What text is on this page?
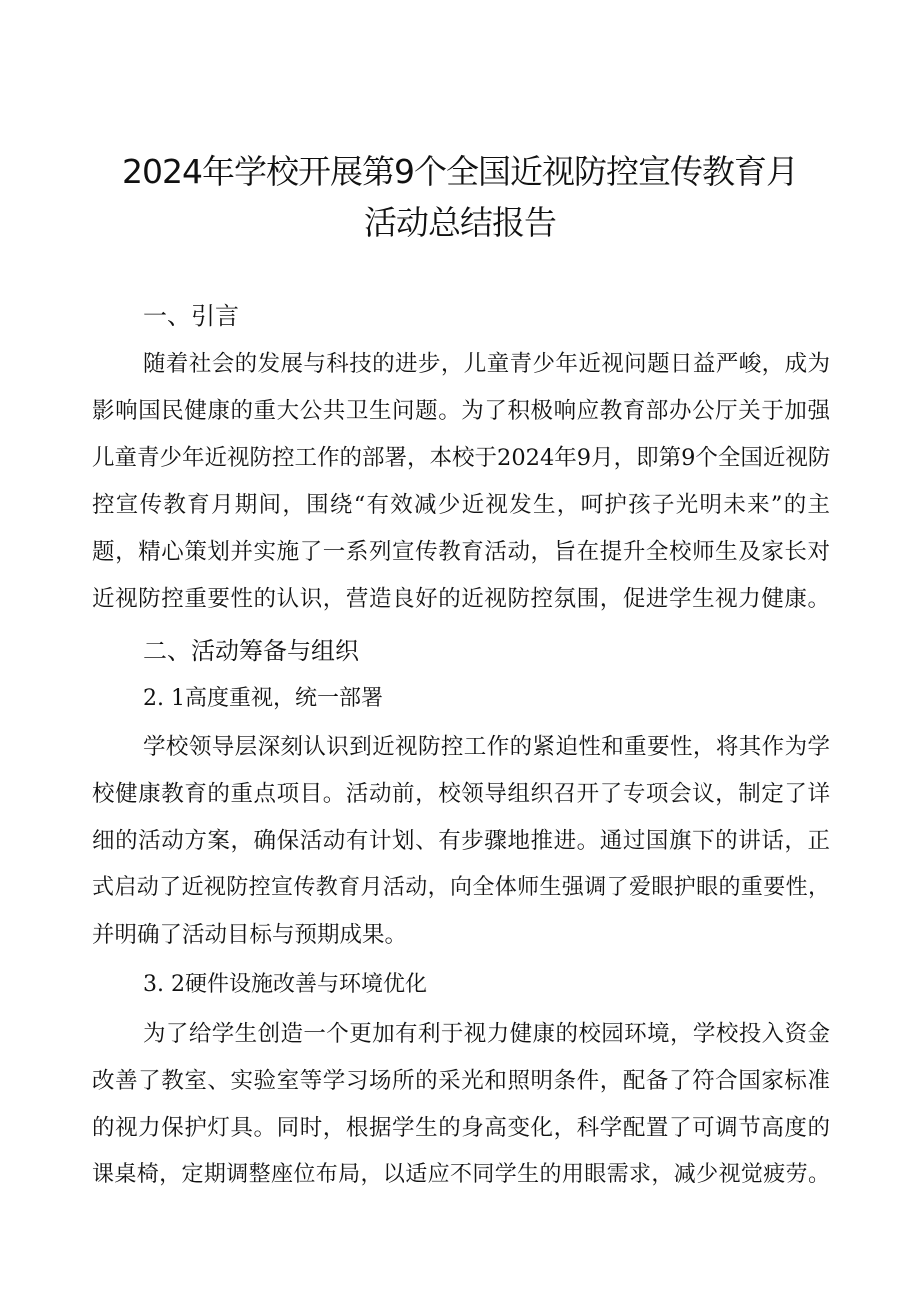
2024年学校开展第9个全国近视防控宣传教育月
活动总结报告
一、引言
随着社会的发展与科技的进步，儿童青少年近视问题日益严峻，成为
影响国民健康的重大公共卫生问题。为了积极响应教育部办公厅关于加强
儿童青少年近视防控工作的部署，本校于2024年9月，即第9个全国近视防
控宣传教育月期间，围绕“有效减少近视发生，呵护孩子光明未来”的主
题，精心策划并实施了一系列宣传教育活动，旨在提升全校师生及家长对
近视防控重要性的认识，营造良好的近视防控氛围，促进学生视力健康。
二、活动筹备与组织
2. 1高度重视，统一部署
学校领导层深刻认识到近视防控工作的紧迫性和重要性，将其作为学
校健康教育的重点项目。活动前，校领导组织召开了专项会议，制定了详
细的活动方案，确保活动有计划、有步骤地推进。通过国旗下的讲话，正
式启动了近视防控宣传教育月活动，向全体师生强调了爱眼护眼的重要性，
并明确了活动目标与预期成果。
3. 2硬件设施改善与环境优化
为了给学生创造一个更加有利于视力健康的校园环境，学校投入资金
改善了教室、实验室等学习场所的采光和照明条件，配备了符合国家标准
的视力保护灯具。同时，根据学生的身高变化，科学配置了可调节高度的
课桌椅，定期调整座位布局，以适应不同学生的用眼需求，减少视觉疲劳。
